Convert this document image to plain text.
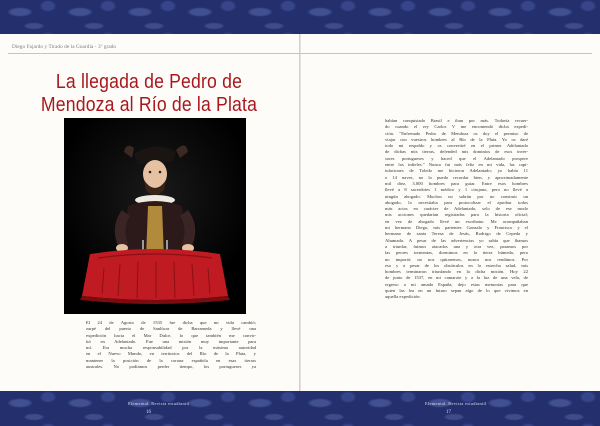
Diego Fajardo y Tirado de la Guardia - 3º grado
La llegada de Pedro de
Mendoza al Río de la Plata
El 24 de Agosto de 1535 fue dicha que mi vida cambió;
zarpé del puerto de Sanlúcar de Barrameda y llevé una
expedición hacia el Mar Dulce, lo que también me convir-
tió en Adelantado. Fue una misión muy importante para
mí. Era mucha responsabilidad por la máxima autoridad
en el Nuevo Mundo, en territorios del Río de la Plata, y
mantener la posición de la corona española en esas tierras
australes. No podíamos perder tiempo, los portugueses ya
habían conquistado Brasil e iban por más. Todavía recuer-
do cuando el rey Carlos V me encomendó dicha expedi-
ción. "Enfrenado Pedro de Mendoza os doy el permiso de
viajar con vuestros hombres al Río de la Plata. Yo os daré
todo mi respaldo y os convertiré en el primer Adelantado
de dichas mis tierras, defended mis dominios de esos inver-
sores portugueses y haced que el Adelantado prospere
entre los infieles." Nunca fui más feliz en mi vida, las capi-
tulaciones de Toledo me hicieron Adelantado; yo había 11
o 14 naves, no lo puedo recordar bien, y aproximadamente
mil diez, 3.000 hombres para guiar. Entre esos hombres
llevé a 8 sacerdotes 1 médico y 1 cirujano, pero no llevé a
ningún abogado. Muchos no sabrán por no construir un
abogado, lo necesitaba para protocolizar el aprobar todos
más actos en carácter de Adelantado, solo de ese modo
mis acciones quedarían registradas para la historia oficial;
en vez de abogado llevé un escribano. Me acompañaban
mi hermano Diego, mis parientes Gonzalo y Francisco y el
hermano de santa Teresa de Jesús, Rodrigo de Cepeda y
Ahumada. A pesar de las advertencias yo sabía que íbamos
a triunfar, fuimos atacados una y otra vez, pasamos por
las peores tormentas, dormimos en la tierra húmeda, pero
no importó; no nos quitaremos, nunca nos rendimos. Por
eso y a pesar de los obstáculos en la estrecha salud, mis
hombres terminaron triunfando en la dicha misión. Hoy 22
de junio de 1537, en mi camarote y a la luz de una vela, de
regreso a mi amada España, dejo estas memorias para que
quien las lea en un futuro sepan algo de lo que vivimos en
aquella expedición.
Elemental. Revista estudiantil
16
Elemental. Revista estudiantil
17
